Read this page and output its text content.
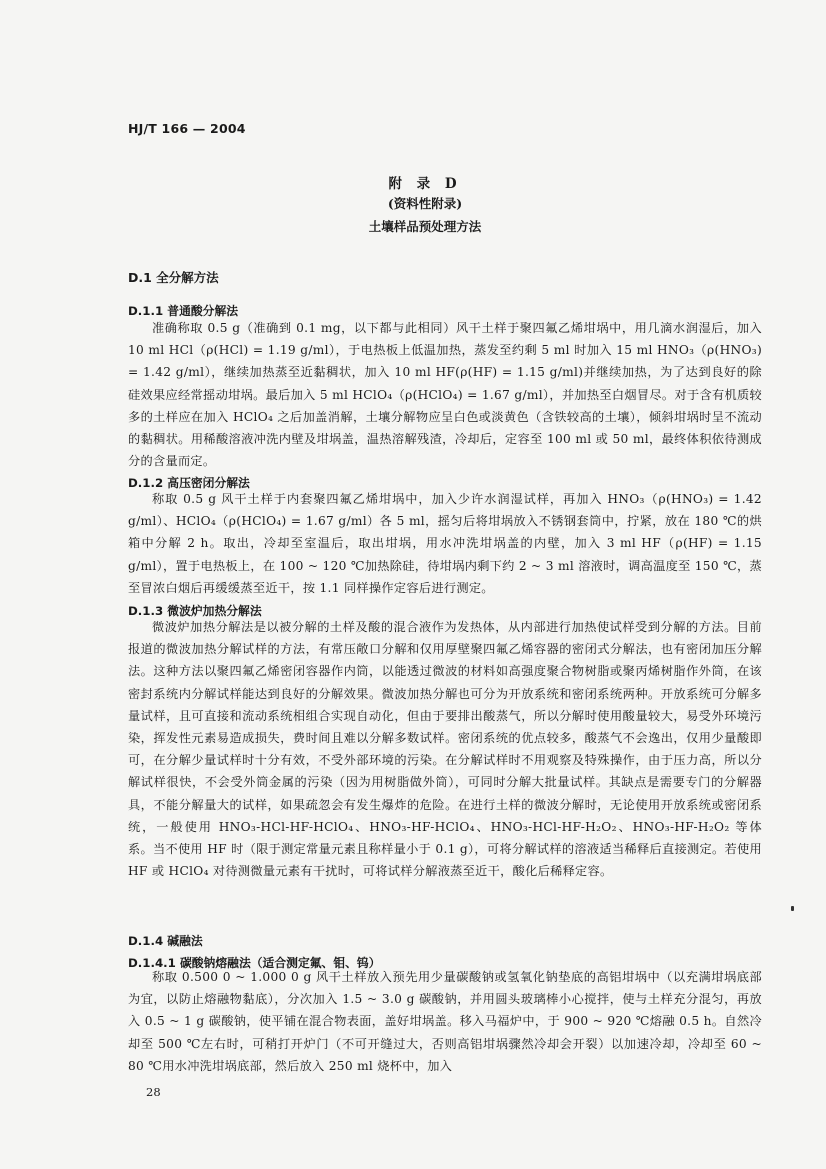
HJ/T 166 — 2004
附 录 D
(资料性附录)
土壤样品预处理方法
D.1 全分解方法
D.1.1 普通酸分解法
准确称取 0.5 g（准确到 0.1 mg，以下都与此相同）风干土样于聚四氟乙烯坩埚中，用几滴水润湿后，加入 10 ml HCl（ρ(HCl) = 1.19 g/ml），于电热板上低温加热，蒸发至约剩 5 ml 时加入 15 ml HNO₃（ρ(HNO₃) = 1.42 g/ml），继续加热蒸至近黏稠状，加入 10 ml HF(ρ(HF) = 1.15 g/ml)并继续加热，为了达到良好的除硅效果应经常摇动坩埚。最后加入 5 ml HClO₄（ρ(HClO₄) = 1.67 g/ml），并加热至白烟冒尽。对于含有机质较多的土样应在加入 HClO₄ 之后加盖消解，土壤分解物应呈白色或淡黄色（含铁较高的土壤），倾斜坩埚时呈不流动的黏稠状。用稀酸溶液冲洗内壁及坩埚盖，温热溶解残渣，冷却后，定容至 100 ml 或 50 ml，最终体积依待测成分的含量而定。
D.1.2 高压密闭分解法
称取 0.5 g 风干土样于内套聚四氟乙烯坩埚中，加入少许水润湿试样，再加入 HNO₃（ρ(HNO₃) = 1.42 g/ml）、HClO₄（ρ(HClO₄) = 1.67 g/ml）各 5 ml，摇匀后将坩埚放入不锈钢套筒中，拧紧，放在 180 ℃的烘箱中分解 2 h。取出，冷却至室温后，取出坩埚，用水冲洗坩埚盖的内壁，加入 3 ml HF（ρ(HF) = 1.15 g/ml），置于电热板上，在 100 ~ 120 ℃加热除硅，待坩埚内剩下约 2 ~ 3 ml 溶液时，调高温度至 150 ℃，蒸至冒浓白烟后再缓缓蒸至近干，按 1.1 同样操作定容后进行测定。
D.1.3 微波炉加热分解法
微波炉加热分解法是以被分解的土样及酸的混合液作为发热体，从内部进行加热使试样受到分解的方法。目前报道的微波加热分解试样的方法，有常压敞口分解和仅用厚壁聚四氟乙烯容器的密闭式分解法，也有密闭加压分解法。这种方法以聚四氟乙烯密闭容器作内筒，以能透过微波的材料如高强度聚合物树脂或聚丙烯树脂作外筒，在该密封系统内分解试样能达到良好的分解效果。微波加热分解也可分为开放系统和密闭系统两种。开放系统可分解多量试样，且可直接和流动系统相组合实现自动化，但由于要排出酸蒸气，所以分解时使用酸量较大，易受外环境污染，挥发性元素易造成损失，费时间且难以分解多数试样。密闭系统的优点较多，酸蒸气不会逸出，仅用少量酸即可，在分解少量试样时十分有效，不受外部环境的污染。在分解试样时不用观察及特殊操作，由于压力高，所以分解试样很快，不会受外筒金属的污染（因为用树脂做外筒），可同时分解大批量试样。其缺点是需要专门的分解器具，不能分解量大的试样，如果疏忽会有发生爆炸的危险。在进行土样的微波分解时，无论使用开放系统或密闭系统，一般使用 HNO₃-HCl-HF-HClO₄、HNO₃-HF-HClO₄、HNO₃-HCl-HF-H₂O₂、HNO₃-HF-H₂O₂ 等体系。当不使用 HF 时（限于测定常量元素且称样量小于 0.1 g），可将分解试样的溶液适当稀释后直接测定。若使用 HF 或 HClO₄ 对待测微量元素有干扰时，可将试样分解液蒸至近干，酸化后稀释定容。
D.1.4 碱融法
D.1.4.1 碳酸钠熔融法（适合测定氟、钼、钨）
称取 0.500 0 ~ 1.000 0 g 风干土样放入预先用少量碳酸钠或氢氧化钠垫底的高铝坩埚中（以充满坩埚底部为宜，以防止熔融物黏底），分次加入 1.5 ~ 3.0 g 碳酸钠，并用圆头玻璃棒小心搅拌，使与土样充分混匀，再放入 0.5 ~ 1 g 碳酸钠，使平铺在混合物表面，盖好坩埚盖。移入马福炉中，于 900 ~ 920 ℃熔融 0.5 h。自然冷却至 500 ℃左右时，可稍打开炉门（不可开缝过大，否则高铝坩埚骤然冷却会开裂）以加速冷却，冷却至 60 ~ 80 ℃用水冲洗坩埚底部，然后放入 250 ml 烧杯中，加入
28
